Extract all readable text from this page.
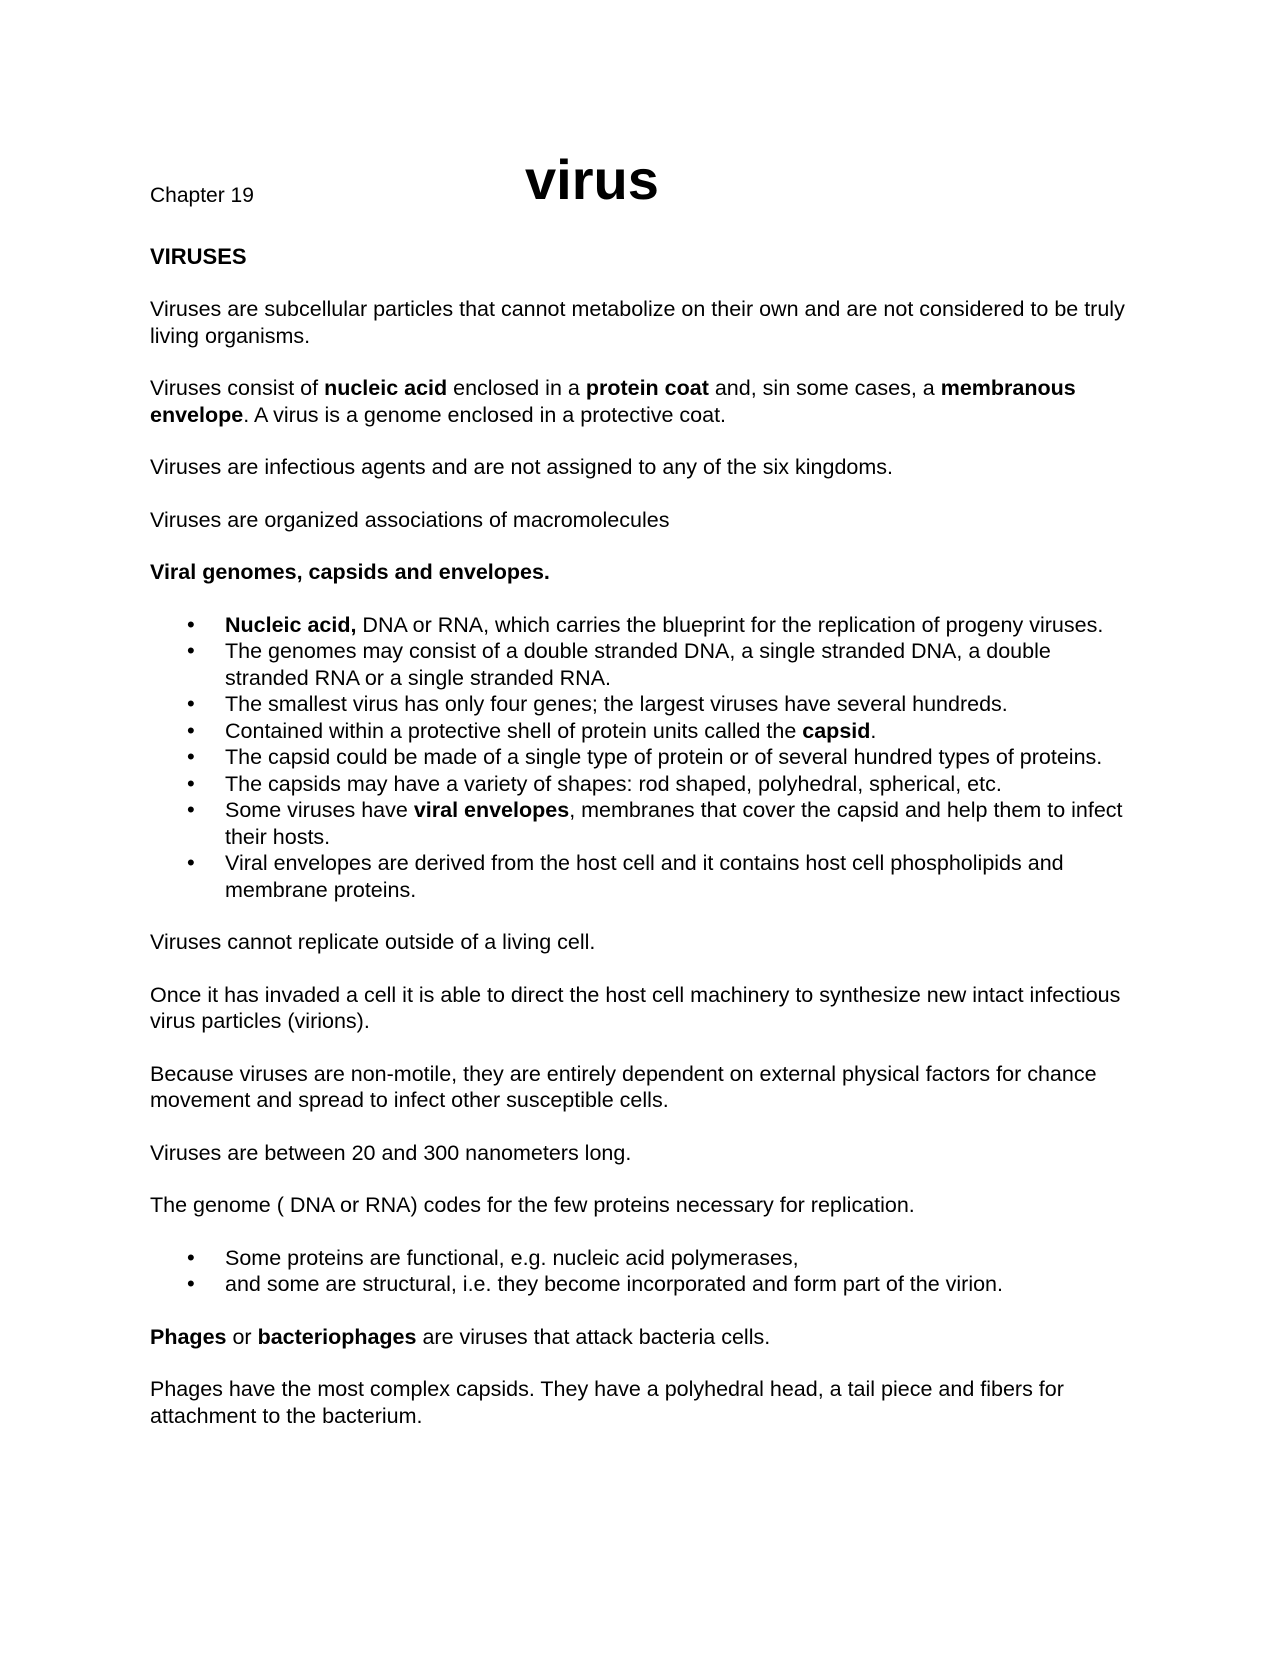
Chapter 19	virus
VIRUSES

Viruses are subcellular particles that cannot metabolize on their own and are not considered to be truly living organisms.

Viruses consist of nucleic acid enclosed in a protein coat and, sin some cases, a membranous envelope. A virus is a genome enclosed in a protective coat.

Viruses are infectious agents and are not assigned to any of the six kingdoms.

Viruses are organized associations of macromolecules

Viral genomes, capsids and envelopes.

• Nucleic acid, DNA or RNA, which carries the blueprint for the replication of progeny viruses.
• The genomes may consist of a double stranded DNA, a single stranded DNA, a double stranded RNA or a single stranded RNA.
• The smallest virus has only four genes; the largest viruses have several hundreds.
• Contained within a protective shell of protein units called the capsid.
• The capsid could be made of a single type of protein or of several hundred types of proteins.
• The capsids may have a variety of shapes: rod shaped, polyhedral, spherical, etc.
• Some viruses have viral envelopes, membranes that cover the capsid and help them to infect their hosts.
• Viral envelopes are derived from the host cell and it contains host cell phospholipids and membrane proteins.

Viruses cannot replicate outside of a living cell.

Once it has invaded a cell it is able to direct the host cell machinery to synthesize new intact infectious virus particles (virions).

Because viruses are non-motile, they are entirely dependent on external physical factors for chance movement and spread to infect other susceptible cells.

Viruses are between 20 and 300 nanometers long.

The genome ( DNA or RNA) codes for the few proteins necessary for replication.

• Some proteins are functional, e.g. nucleic acid polymerases,
• and some are structural, i.e. they become incorporated and form part of the virion.

Phages or bacteriophages are viruses that attack bacteria cells.

Phages have the most complex capsids. They have a polyhedral head, a tail piece and fibers for attachment to the bacterium.
